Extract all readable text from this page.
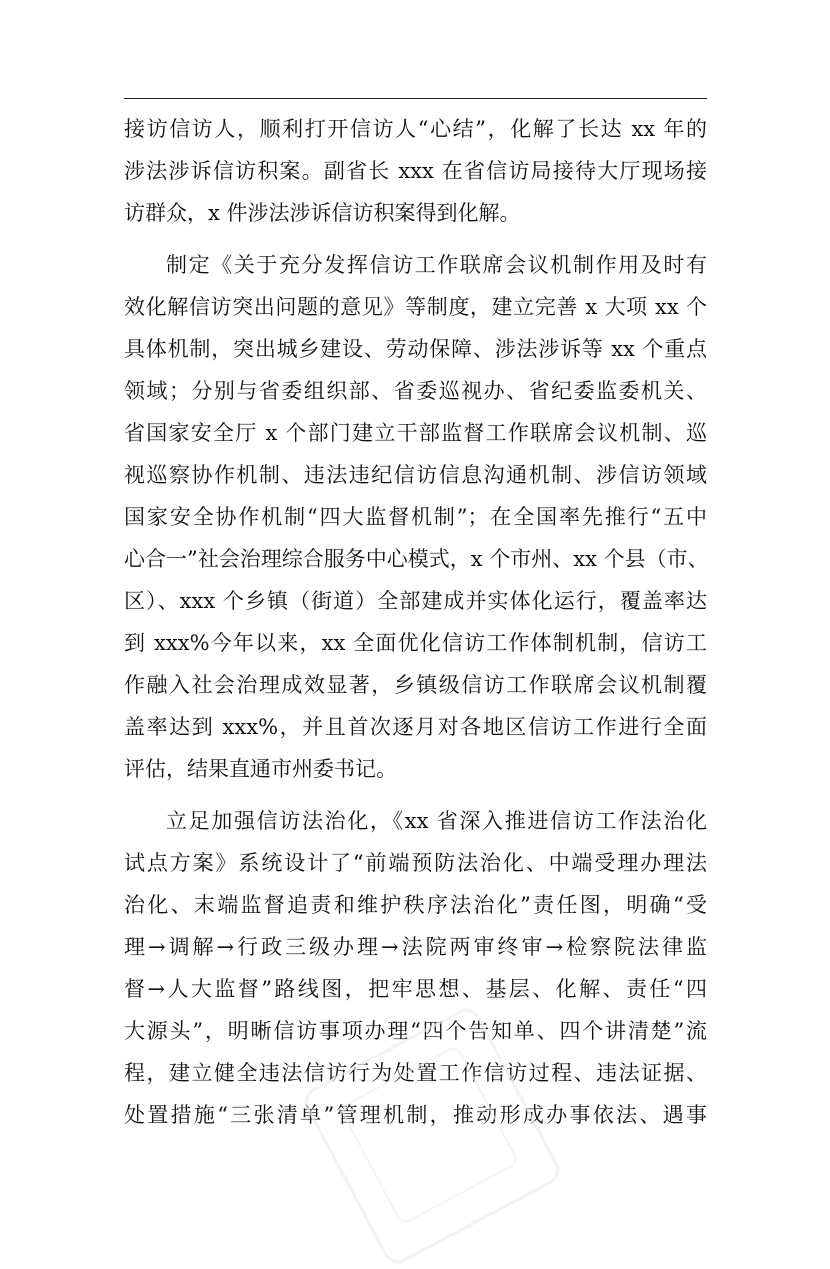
接访信访人，顺利打开信访人“心结”，化解了长达 xx 年的
涉法涉诉信访积案。副省长 xxx 在省信访局接待大厅现场接
访群众，x 件涉法涉诉信访积案得到化解。
制定《关于充分发挥信访工作联席会议机制作用及时有
效化解信访突出问题的意见》等制度，建立完善 x 大项 xx 个
具体机制，突出城乡建设、劳动保障、涉法涉诉等 xx 个重点
领域；分别与省委组织部、省委巡视办、省纪委监委机关、
省国家安全厅 x 个部门建立干部监督工作联席会议机制、巡
视巡察协作机制、违法违纪信访信息沟通机制、涉信访领域
国家安全协作机制“四大监督机制”；在全国率先推行“五中
心合一”社会治理综合服务中心模式，x 个市州、xx 个县（市、
区）、xxx 个乡镇（街道）全部建成并实体化运行，覆盖率达
到 xxx%今年以来，xx 全面优化信访工作体制机制，信访工
作融入社会治理成效显著，乡镇级信访工作联席会议机制覆
盖率达到 xxx%，并且首次逐月对各地区信访工作进行全面
评估，结果直通市州委书记。
立足加强信访法治化，《xx 省深入推进信访工作法治化
试点方案》系统设计了“前端预防法治化、中端受理办理法
治化、末端监督追责和维护秩序法治化”责任图，明确“受
理→调解→行政三级办理→法院两审终审→检察院法律监
督→人大监督”路线图，把牢思想、基层、化解、责任“四
大源头”，明晰信访事项办理“四个告知单、四个讲清楚”流
程，建立健全违法信访行为处置工作信访过程、违法证据、
处置措施“三张清单”管理机制，推动形成办事依法、遇事
